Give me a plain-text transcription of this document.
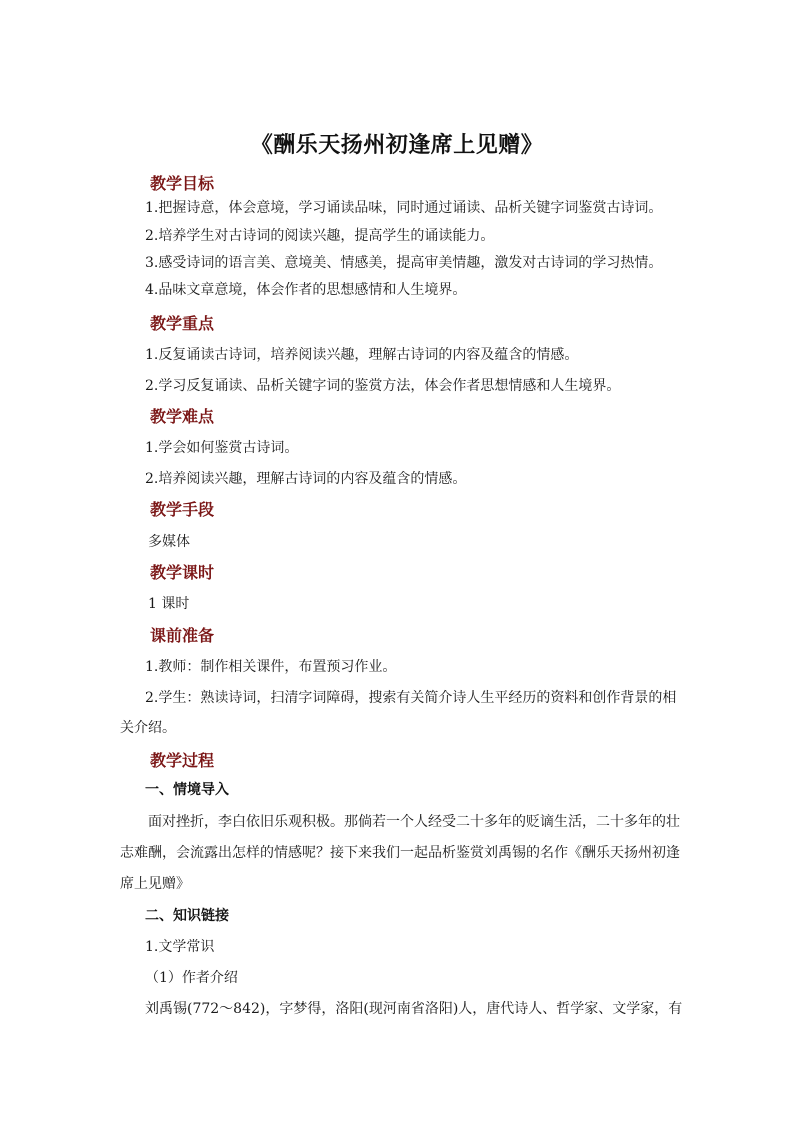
《酬乐天扬州初逢席上见赠》
教学目标
1.把握诗意，体会意境，学习诵读品味，同时通过诵读、品析关键字词鉴赏古诗词。
2.培养学生对古诗词的阅读兴趣，提高学生的诵读能力。
3.感受诗词的语言美、意境美、情感美，提高审美情趣，激发对古诗词的学习热情。
4.品味文章意境，体会作者的思想感情和人生境界。
教学重点
1.反复诵读古诗词，培养阅读兴趣，理解古诗词的内容及蕴含的情感。
2.学习反复诵读、品析关键字词的鉴赏方法，体会作者思想情感和人生境界。
教学难点
1.学会如何鉴赏古诗词。
2.培养阅读兴趣，理解古诗词的内容及蕴含的情感。
教学手段
多媒体
教学课时
1 课时
课前准备
1.教师：制作相关课件，布置预习作业。
2.学生：熟读诗词，扫清字词障碍，搜索有关简介诗人生平经历的资料和创作背景的相
关介绍。
教学过程
一、情境导入
面对挫折，李白依旧乐观积极。那倘若一个人经受二十多年的贬谪生活，二十多年的壮
志难酬，会流露出怎样的情感呢？接下来我们一起品析鉴赏刘禹锡的名作《酬乐天扬州初逢
席上见赠》
二、知识链接
1.文学常识
（1）作者介绍
刘禹锡(772～842)，字梦得，洛阳(现河南省洛阳)人，唐代诗人、哲学家、文学家，有
